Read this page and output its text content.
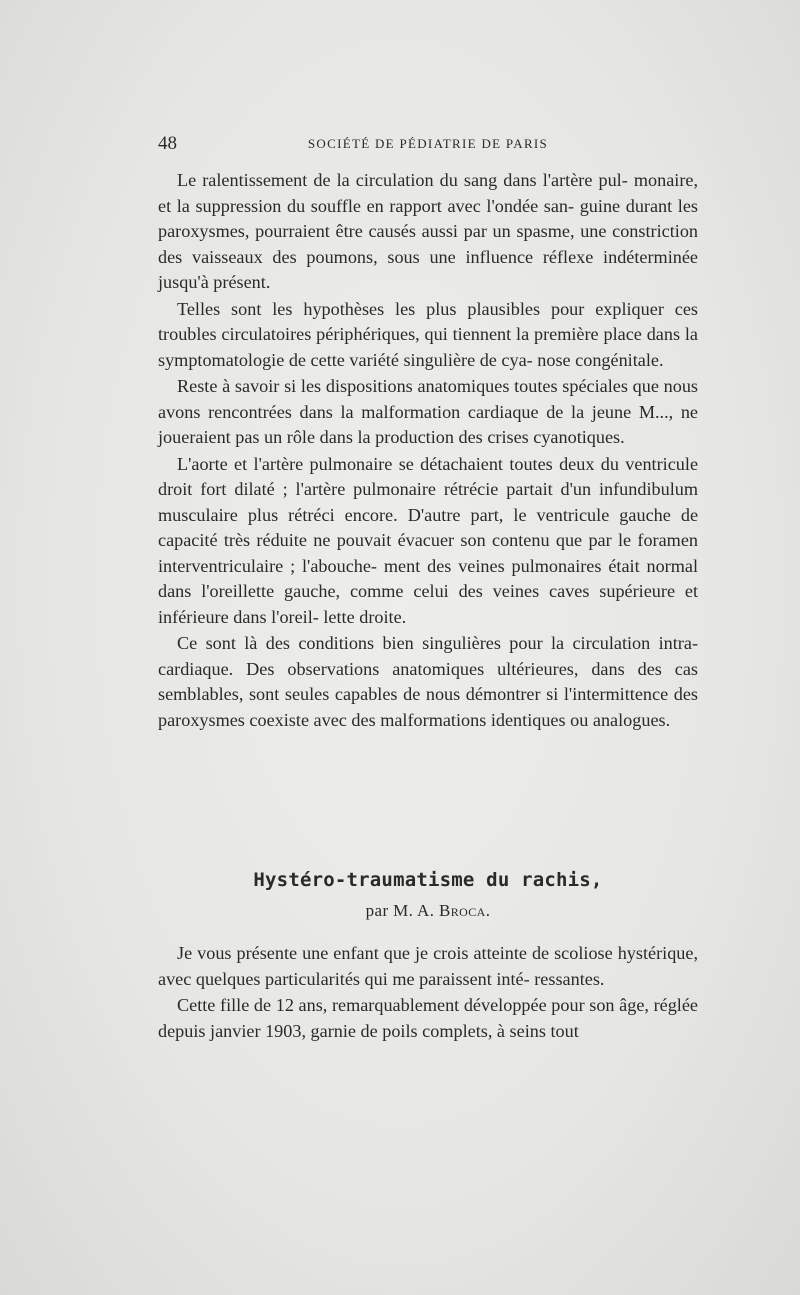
48	SOCIÉTÉ DE PÉDIATRIE DE PARIS

Le ralentissement de la circulation du sang dans l'artère pul- monaire, et la suppression du souffle en rapport avec l'ondée san- guine durant les paroxysmes, pourraient être causés aussi par un spasme, une constriction des vaisseaux des poumons, sous une influence réflexe indéterminée jusqu'à présent.

Telles sont les hypothèses les plus plausibles pour expliquer ces troubles circulatoires périphériques, qui tiennent la première place dans la symptomatologie de cette variété singulière de cya- nose congénitale.

Reste à savoir si les dispositions anatomiques toutes spéciales que nous avons rencontrées dans la malformation cardiaque de la jeune M..., ne joueraient pas un rôle dans la production des crises cyanotiques.

L'aorte et l'artère pulmonaire se détachaient toutes deux du ventricule droit fort dilaté ; l'artère pulmonaire rétrécie partait d'un infundibulum musculaire plus rétréci encore. D'autre part, le ventricule gauche de capacité très réduite ne pouvait évacuer son contenu que par le foramen interventriculaire ; l'abouche- ment des veines pulmonaires était normal dans l'oreillette gauche, comme celui des veines caves supérieure et inférieure dans l'oreil- lette droite.

Ce sont là des conditions bien singulières pour la circulation intra-cardiaque. Des observations anatomiques ultérieures, dans des cas semblables, sont seules capables de nous démontrer si l'intermittence des paroxysmes coexiste avec des malformations identiques ou analogues.

Hystéro-traumatisme du rachis,
par M. A. Broca.

Je vous présente une enfant que je crois atteinte de scoliose hystérique, avec quelques particularités qui me paraissent inté- ressantes.

Cette fille de 12 ans, remarquablement développée pour son âge, réglée depuis janvier 1903, garnie de poils complets, à seins tout
